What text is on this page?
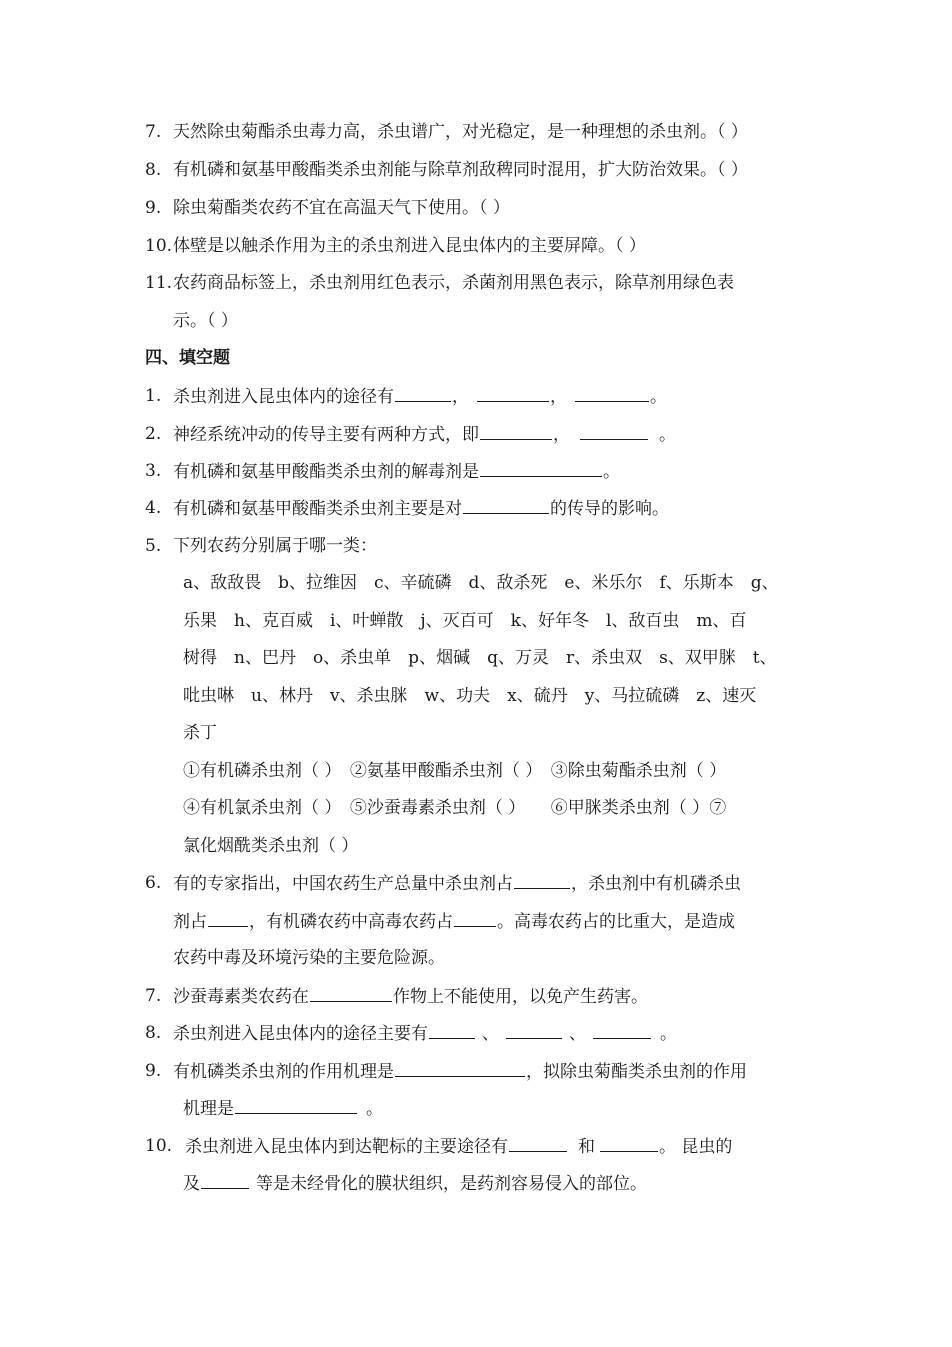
7. 天然除虫菊酯杀虫毒力高，杀虫谱广，对光稳定，是一种理想的杀虫剂。（ ）
8. 有机磷和氨基甲酸酯类杀虫剂能与除草剂敌稗同时混用，扩大防治效果。（ ）
9. 除虫菊酯类农药不宜在高温天气下使用。（ ）
10. 体壁是以触杀作用为主的杀虫剂进入昆虫体内的主要屏障。（ ）
11. 农药商品标签上，杀虫剂用红色表示，杀菌剂用黑色表示，除草剂用绿色表
示。（ ）
四、填空题
1. 杀虫剂进入昆虫体内的途径有	，	，	。
2. 神经系统冲动的传导主要有两种方式，即	，	。
3. 有机磷和氨基甲酸酯类杀虫剂的解毒剂是	。
4. 有机磷和氨基甲酸酯类杀虫剂主要是对	的传导的影响。
5. 下列农药分别属于哪一类：
a、敌敌畏　b、拉维因　c、辛硫磷　d、敌杀死　e、米乐尔　f、乐斯本　g、
乐果　h、克百威　i、叶蝉散　j、灭百可　k、好年冬　l、敌百虫　m、百
树得　n、巴丹　o、杀虫单　p、烟碱　q、万灵　r、杀虫双　s、双甲脒　t、
吡虫啉　u、林丹　v、杀虫脒　w、功夫　x、硫丹　y、马拉硫磷　z、速灭
杀丁
①有机磷杀虫剂（ ）　②氨基甲酸酯杀虫剂（ ）　③除虫菊酯杀虫剂（ ）
④有机氯杀虫剂（ ）　⑤沙蚕毒素杀虫剂（ ）　　⑥甲脒类杀虫剂（ ）⑦
氯化烟酰类杀虫剂（ ）
6. 有的专家指出，中国农药生产总量中杀虫剂占	，杀虫剂中有机磷杀虫
剂占 ，有机磷农药中高毒农药占	。高毒农药占的比重大，是造成
农药中毒及环境污染的主要危险源。
7. 沙蚕毒素类农药在	作物上不能使用，以免产生药害。
8. 杀虫剂进入昆虫体内的途径主要有	、	、	。
9. 有机磷类杀虫剂的作用机理是	，拟除虫菊酯类杀虫剂的作用
机理是	。
10. 杀虫剂进入昆虫体内到达靶标的主要途径有	和	。 昆虫的
及	等是未经骨化的膜状组织，是药剂容易侵入的部位。
